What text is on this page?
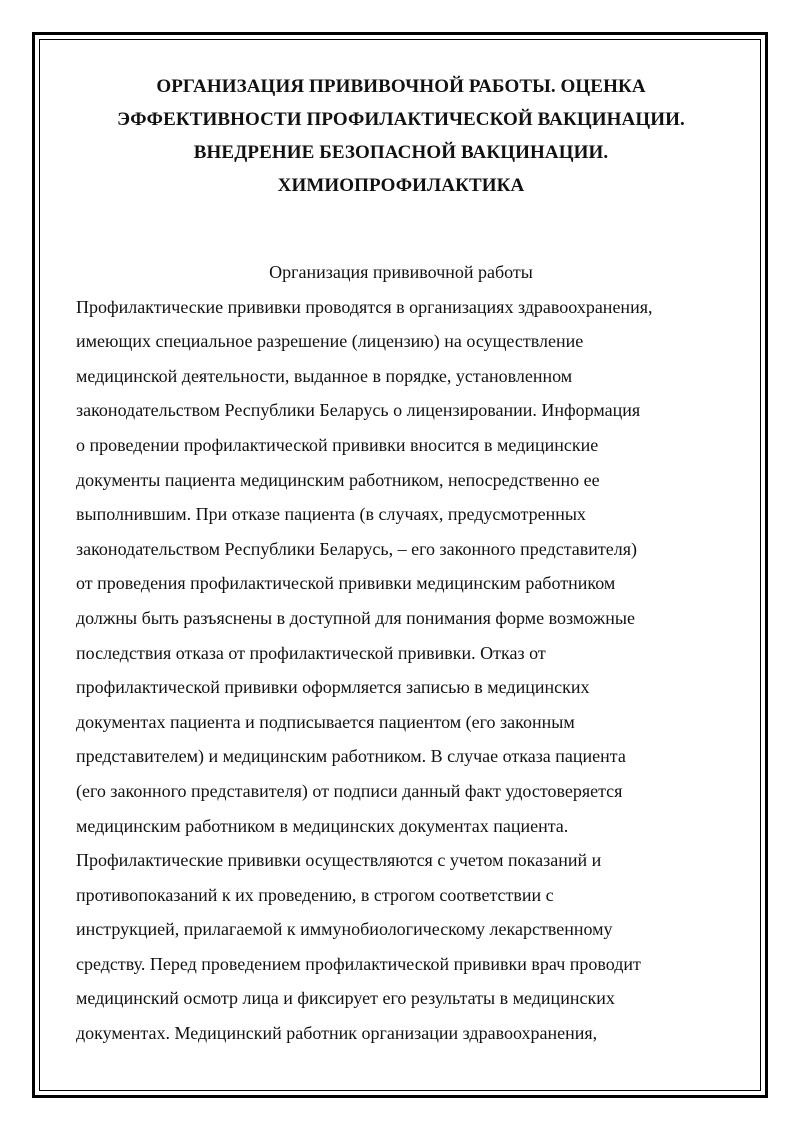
ОРГАНИЗАЦИЯ ПРИВИВОЧНОЙ РАБОТЫ. ОЦЕНКА
ЭФФЕКТИВНОСТИ ПРОФИЛАКТИЧЕСКОЙ ВАКЦИНАЦИИ.
ВНЕДРЕНИЕ БЕЗОПАСНОЙ ВАКЦИНАЦИИ.
ХИМИОПРОФИЛАКТИКА
Организация прививочной работы

Профилактические прививки проводятся в организациях здравоохранения,
имеющих специальное разрешение (лицензию) на осуществление
медицинской деятельности, выданное в порядке, установленном
законодательством Республики Беларусь о лицензировании. Информация
о проведении профилактической прививки вносится в медицинские
документы пациента медицинским работником, непосредственно ее
выполнившим. При отказе пациента (в случаях, предусмотренных
законодательством Республики Беларусь, – его законного представителя)
от проведения профилактической прививки медицинским работником
должны быть разъяснены в доступной для понимания форме возможные
последствия отказа от профилактической прививки. Отказ от
профилактической прививки оформляется записью в медицинских
документах пациента и подписывается пациентом (его законным
представителем) и медицинским работником. В случае отказа пациента
(его законного представителя) от подписи данный факт удостоверяется
медицинским работником в медицинских документах пациента.
Профилактические прививки осуществляются с учетом показаний и
противопоказаний к их проведению, в строгом соответствии с
инструкцией, прилагаемой к иммунобиологическому лекарственному
средству. Перед проведением профилактической прививки врач проводит
медицинский осмотр лица и фиксирует его результаты в медицинских
документах. Медицинский работник организации здравоохранения,
